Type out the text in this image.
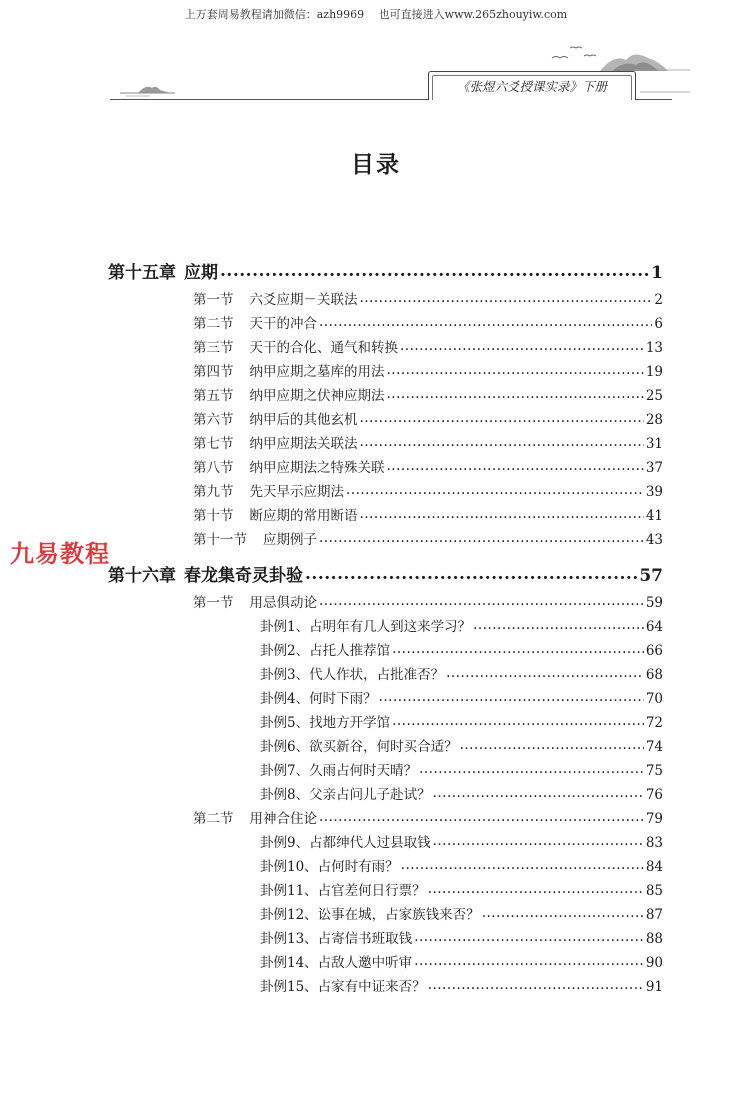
上万套周易教程请加微信：azh9969　 也可直接进入www.265zhouyiw.com
《张煜六爻授课实录》下册
目录
九易教程
第十五章 应期 .....	1
第一节 六爻应期－关联法 .....	2
第二节 天干的冲合 .....	6
第三节 天干的合化、通气和转换 .....	13
第四节 纳甲应期之墓库的用法 .....	19
第五节 纳甲应期之伏神应期法 .....	25
第六节 纳甲后的其他玄机 .....	28
第七节 纳甲应期法关联法 .....	31
第八节 纳甲应期法之特殊关联 .....	37
第九节 先天早示应期法 .....	39
第十节 断应期的常用断语 .....	41
第十一节 应期例子 .....	43
第十六章 春龙集奇灵卦验 .....	57
第一节 用忌俱动论 .....	59
卦例1、占明年有几人到这来学习？ .....	64
卦例2、占托人推荐馆 .....	66
卦例3、代人作状，占批准否？ .....	68
卦例4、何时下雨？ .....	70
卦例5、找地方开学馆 .....	72
卦例6、欲买新谷，何时买合适？ .....	74
卦例7、久雨占何时天晴？ .....	75
卦例8、父亲占问儿子赴试？ .....	76
第二节 用神合住论 .....	79
卦例9、占都绅代人过县取钱 .....	83
卦例10、占何时有雨？ .....	84
卦例11、占官差何日行票？ .....	85
卦例12、讼事在城，占家族钱来否？ .....	87
卦例13、占寄信书班取钱 .....	88
卦例14、占敌人邀中听审 .....	90
卦例15、占家有中证来否？ .....	91
